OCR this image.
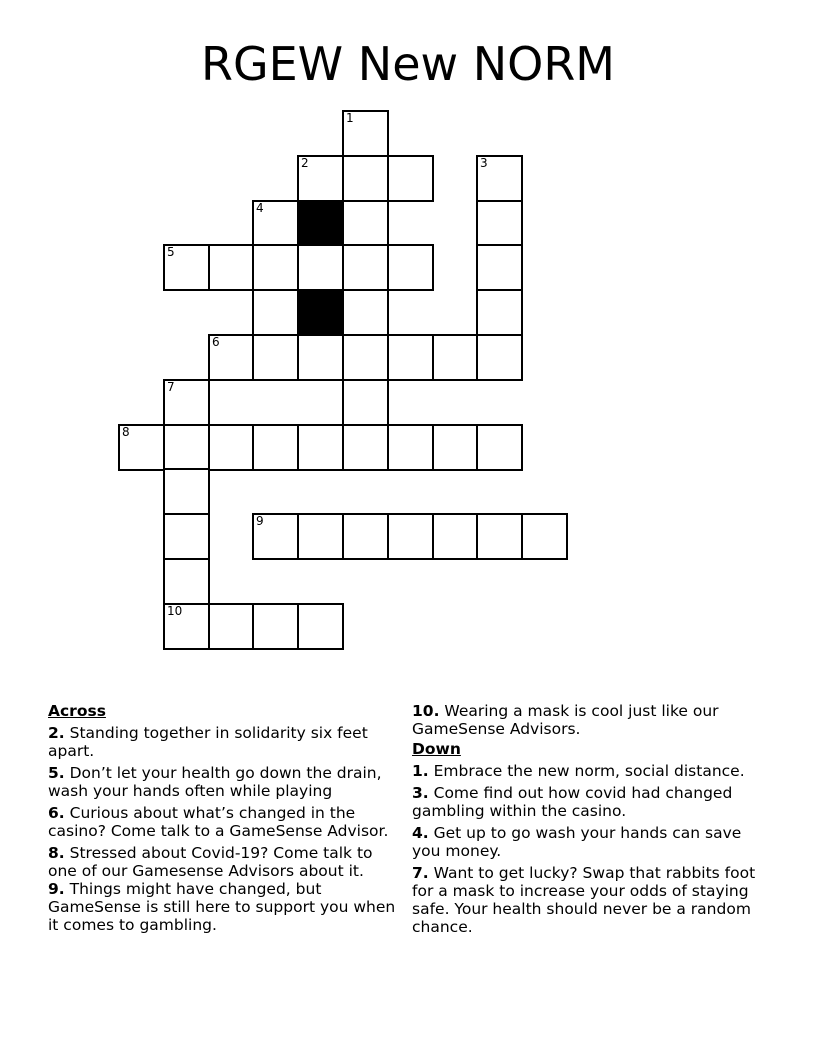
RGEW New NORM
1
2	3
4
5
6
7
8
9
10
Across
2. Standing together in solidarity six feet apart.
5. Don’t let your health go down the drain, wash your hands often while playing
6. Curious about what’s changed in the casino? Come talk to a GameSense Advisor.
8. Stressed about Covid-19? Come talk to one of our Gamesense Advisors about it.
9. Things might have changed, but GameSense is still here to support you when it comes to gambling.
10. Wearing a mask is cool just like our GameSense Advisors.
Down
1. Embrace the new norm, social distance.
3. Come find out how covid had changed gambling within the casino.
4. Get up to go wash your hands can save you money.
7. Want to get lucky? Swap that rabbits foot for a mask to increase your odds of staying safe. Your health should never be a random chance.
